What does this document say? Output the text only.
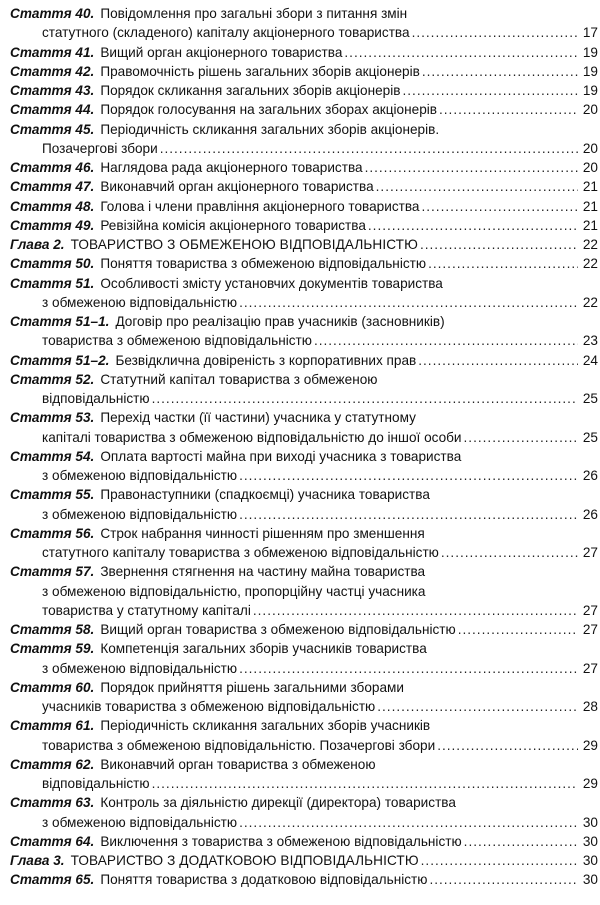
Стаття 40. Повідомлення про загальні збори з питання змін
статутного (складеного) капіталу акціонерного товариства .....	17
Стаття 41. Вищий орган акціонерного товариства .....	19
Стаття 42. Правомочність рішень загальних зборів акціонерів .....	19
Стаття 43. Порядок скликання загальних зборів акціонерів .....	19
Стаття 44. Порядок голосування на загальних зборах акціонерів .....	20
Стаття 45. Періодичність скликання загальних зборів акціонерів.
Позачергові збори .....	20
Стаття 46. Наглядова рада акціонерного товариства .....	20
Стаття 47. Виконавчий орган акціонерного товариства .....	21
Стаття 48. Голова і члени правління акціонерного товариства .....	21
Стаття 49. Ревізійна комісія акціонерного товариства .....	21
Глава 2. ТОВАРИСТВО З ОБМЕЖЕНОЮ ВІДПОВІДАЛЬНІСТЮ .....	22
Стаття 50. Поняття товариства з обмеженою відповідальністю .....	22
Стаття 51. Особливості змісту установчих документів товариства
з обмеженою відповідальністю .....	22
Стаття 51–1. Договір про реалізацію прав учасників (засновників)
товариства з обмеженою відповідальністю .....	23
Стаття 51–2. Безвідклична довіреність з корпоративних прав .....	24
Стаття 52. Статутний капітал товариства з обмеженою
відповідальністю .....	25
Стаття 53. Перехід частки (її частини) учасника у статутному
капіталі товариства з обмеженою відповідальністю до іншої особи .....	25
Стаття 54. Оплата вартості майна при виході учасника з товариства
з обмеженою відповідальністю .....	26
Стаття 55. Правонаступники (спадкоємці) учасника товариства
з обмеженою відповідальністю .....	26
Стаття 56. Строк набрання чинності рішенням про зменшення
статутного капіталу товариства з обмеженою відповідальністю .....	27
Стаття 57. Звернення стягнення на частину майна товариства
з обмеженою відповідальністю, пропорційну частці учасника
товариства у статутному капіталі .....	27
Стаття 58. Вищий орган товариства з обмеженою відповідальністю .....	27
Стаття 59. Компетенція загальних зборів учасників товариства
з обмеженою відповідальністю .....	27
Стаття 60. Порядок прийняття рішень загальними зборами
учасників товариства з обмеженою відповідальністю .....	28
Стаття 61. Періодичність скликання загальних зборів учасників
товариства з обмеженою відповідальністю. Позачергові збори .....	29
Стаття 62. Виконавчий орган товариства з обмеженою
відповідальністю .....	29
Стаття 63. Контроль за діяльністю дирекції (директора) товариства
з обмеженою відповідальністю .....	30
Стаття 64. Виключення з товариства з обмеженою відповідальністю .....	30
Глава 3. ТОВАРИСТВО З ДОДАТКОВОЮ ВІДПОВІДАЛЬНІСТЮ .....	30
Стаття 65. Поняття товариства з додатковою відповідальністю .....	30
